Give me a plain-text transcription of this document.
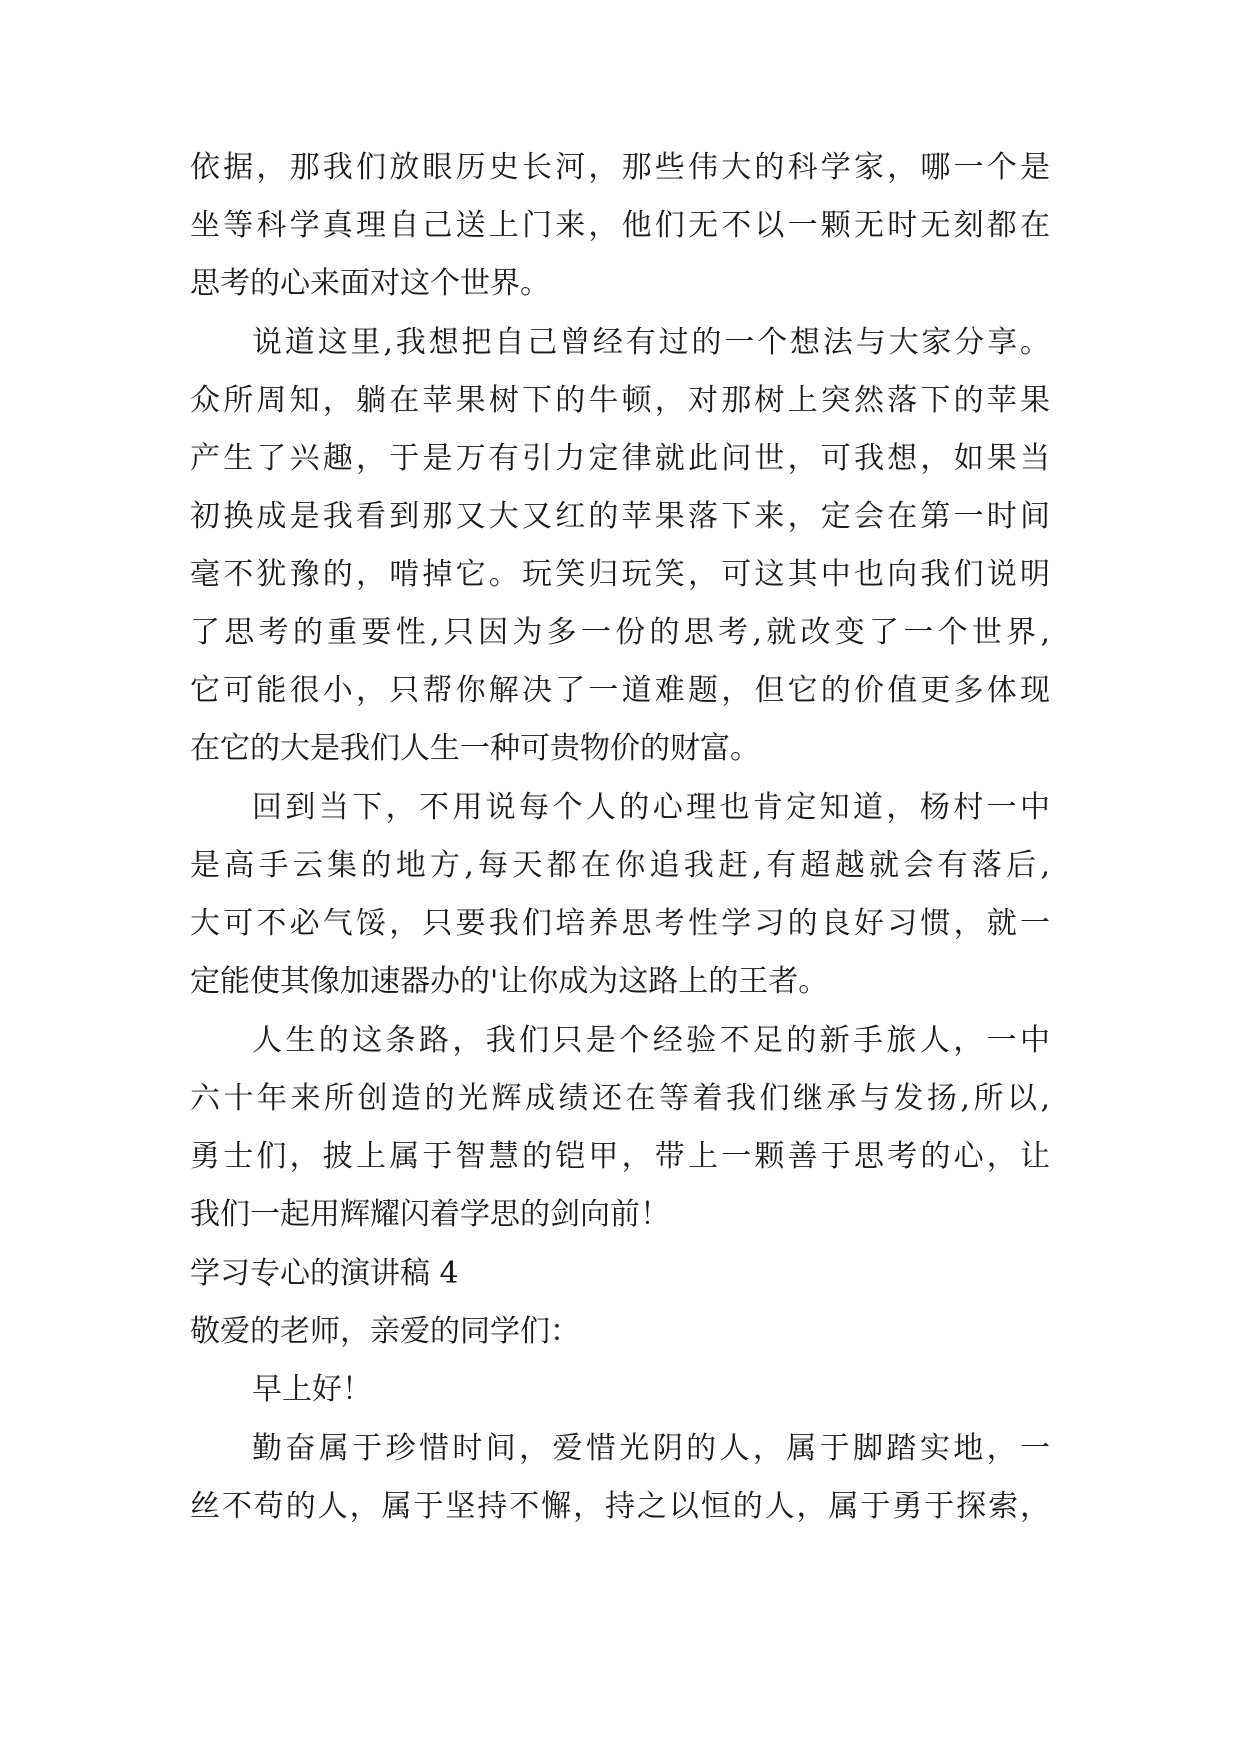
依据，那我们放眼历史长河，那些伟大的科学家，哪一个是
坐等科学真理自己送上门来，他们无不以一颗无时无刻都在
思考的心来面对这个世界。
说道这里,我想把自己曾经有过的一个想法与大家分享。
众所周知，躺在苹果树下的牛顿，对那树上突然落下的苹果
产生了兴趣，于是万有引力定律就此问世，可我想，如果当
初换成是我看到那又大又红的苹果落下来，定会在第一时间
毫不犹豫的，啃掉它。玩笑归玩笑，可这其中也向我们说明
了思考的重要性,只因为多一份的思考,就改变了一个世界,
它可能很小，只帮你解决了一道难题，但它的价值更多体现
在它的大是我们人生一种可贵物价的财富。
回到当下，不用说每个人的心理也肯定知道，杨村一中
是高手云集的地方,每天都在你追我赶,有超越就会有落后,
大可不必气馁，只要我们培养思考性学习的良好习惯，就一
定能使其像加速器办的'让你成为这路上的王者。
人生的这条路，我们只是个经验不足的新手旅人，一中
六十年来所创造的光辉成绩还在等着我们继承与发扬,所以,
勇士们，披上属于智慧的铠甲，带上一颗善于思考的心，让
我们一起用辉耀闪着学思的剑向前！
学习专心的演讲稿 4
敬爱的老师，亲爱的同学们：
早上好！
勤奋属于珍惜时间，爱惜光阴的人，属于脚踏实地，一
丝不苟的人，属于坚持不懈，持之以恒的人，属于勇于探索，
